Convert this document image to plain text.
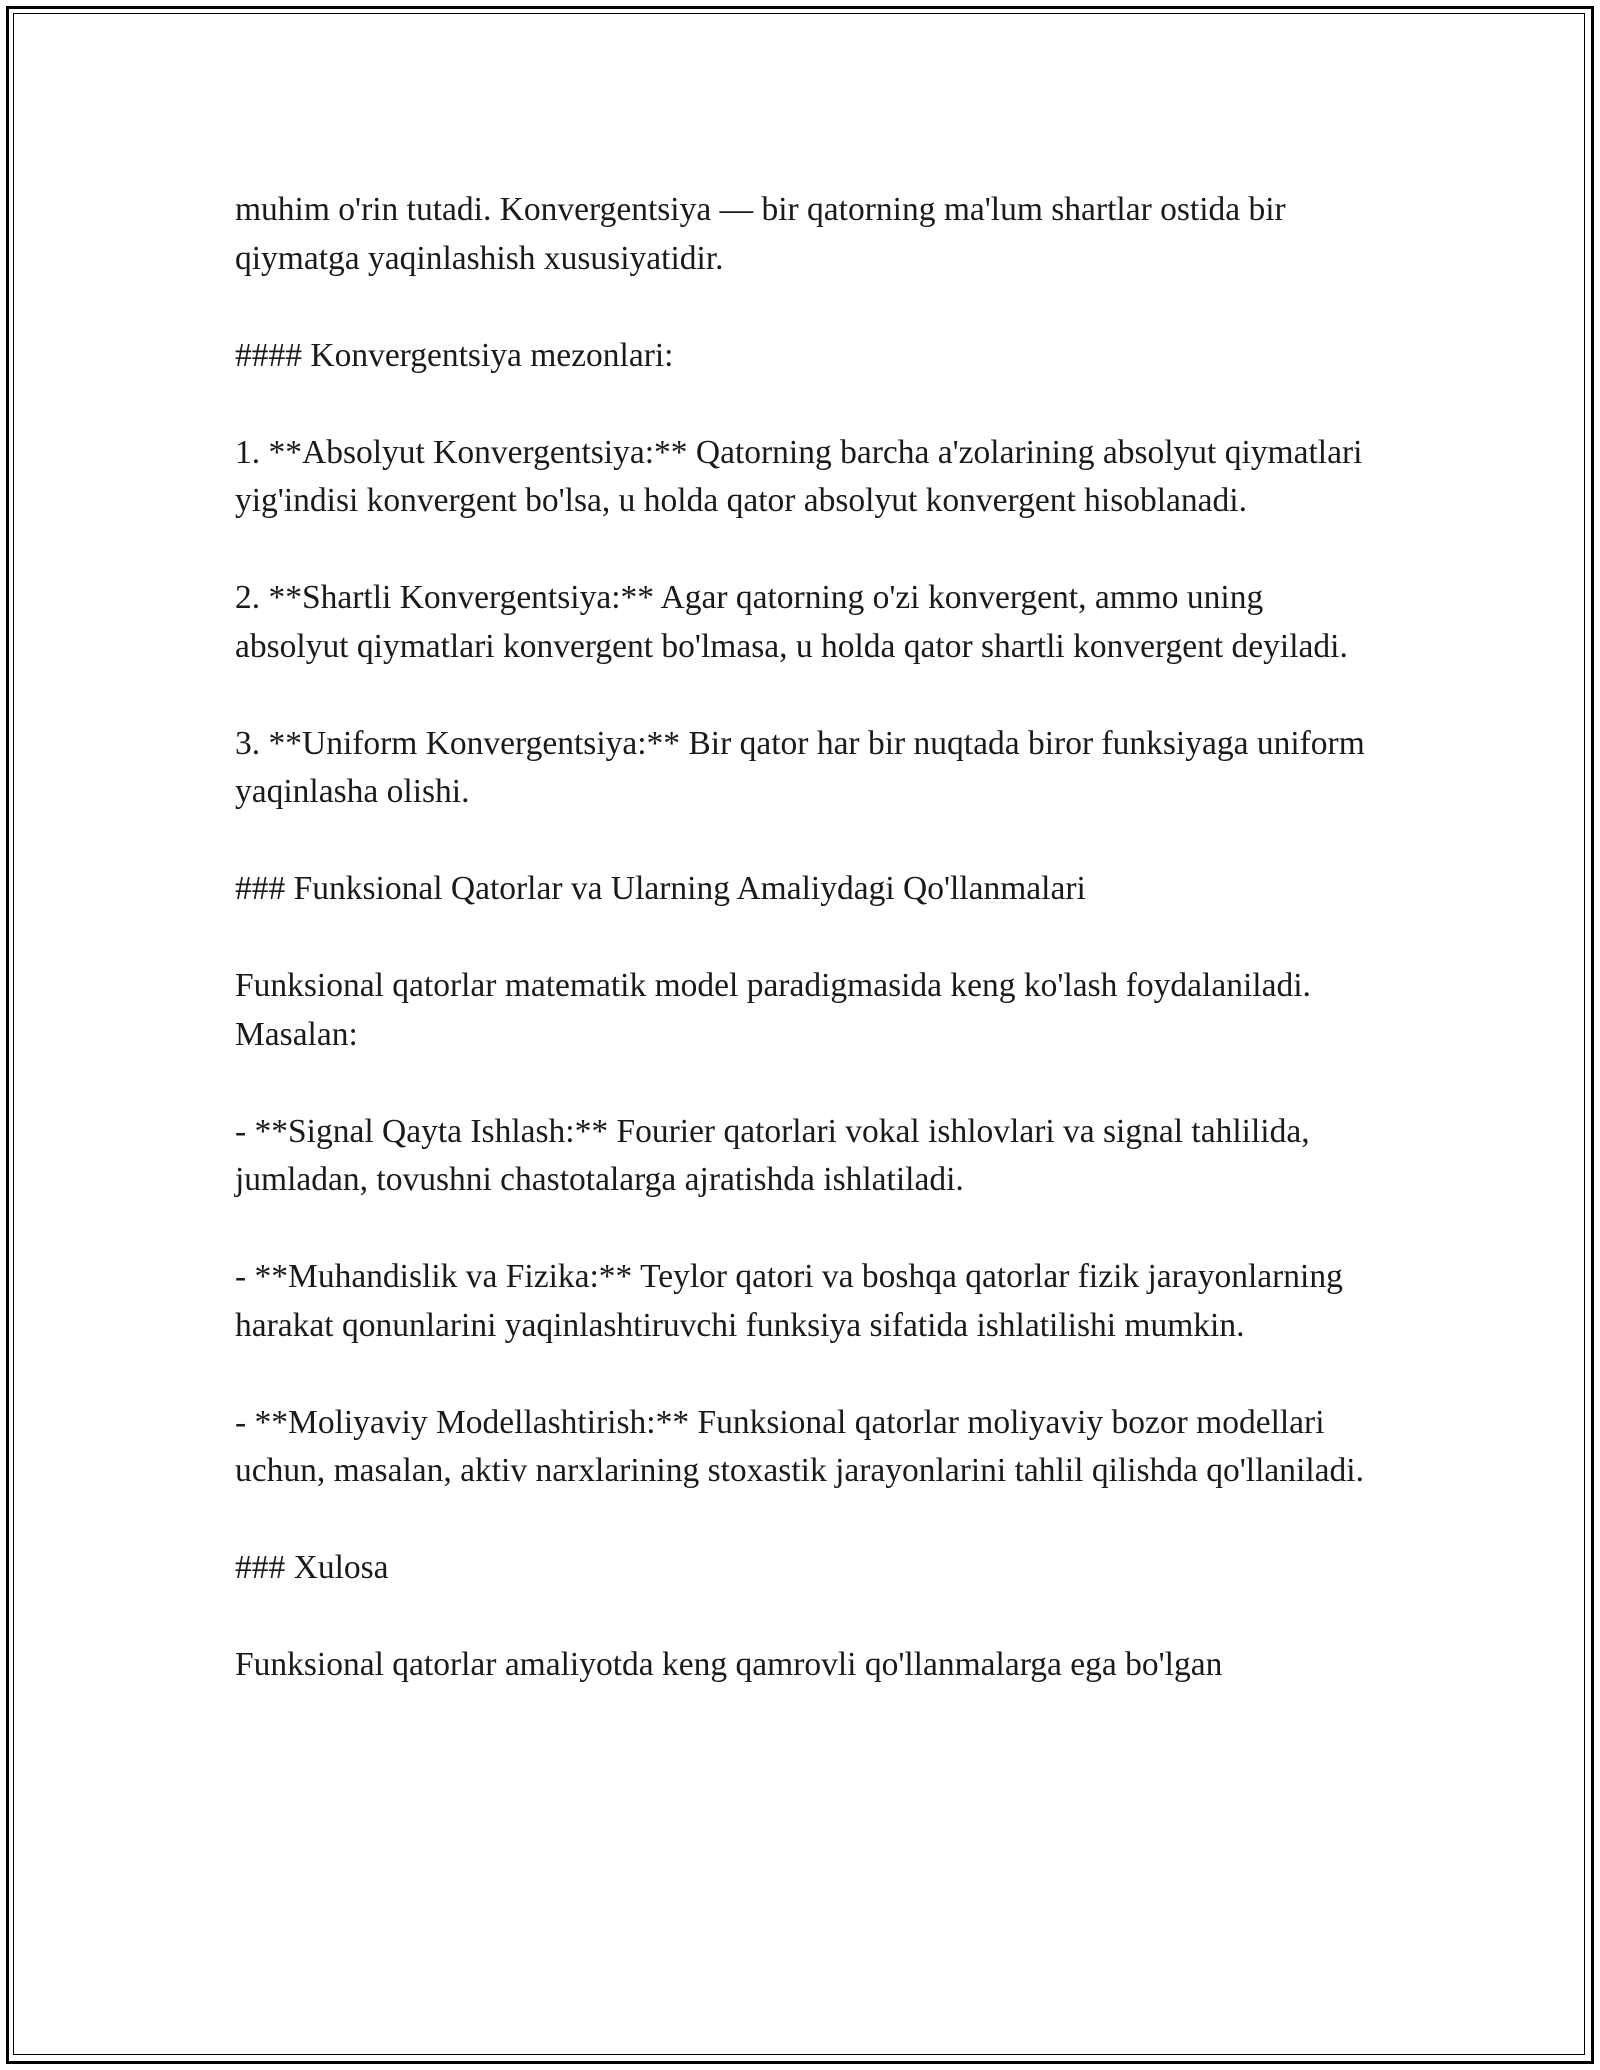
muhim o'rin tutadi. Konvergentsiya — bir qatorning ma'lum shartlar ostida bir qiymatga yaqinlashish xususiyatidir.

#### Konvergentsiya mezonlari:

1. **Absolyut Konvergentsiya:** Qatorning barcha a'zolarining absolyut qiymatlari yig'indisi konvergent bo'lsa, u holda qator absolyut konvergent hisoblanadi.

2. **Shartli Konvergentsiya:** Agar qatorning o'zi konvergent, ammo uning absolyut qiymatlari konvergent bo'lmasa, u holda qator shartli konvergent deyiladi.

3. **Uniform Konvergentsiya:** Bir qator har bir nuqtada biror funksiyaga uniform yaqinlasha olishi.

### Funksional Qatorlar va Ularning Amaliydagi Qo'llanmalari

Funksional qatorlar matematik model paradigmasida keng ko'lash foydalaniladi. Masalan:

- **Signal Qayta Ishlash:** Fourier qatorlari vokal ishlovlari va signal tahlilida, jumladan, tovushni chastotalarga ajratishda ishlatiladi.

- **Muhandislik va Fizika:** Teylor qatori va boshqa qatorlar fizik jarayonlarning harakat qonunlarini yaqinlashtiruvchi funksiya sifatida ishlatilishi mumkin.

- **Moliyaviy Modellashtirish:** Funksional qatorlar moliyaviy bozor modellari uchun, masalan, aktiv narxlarining stoxastik jarayonlarini tahlil qilishda qo'llaniladi.

### Xulosa

Funksional qatorlar amaliyotda keng qamrovli qo'llanmalarga ega bo'lgan
